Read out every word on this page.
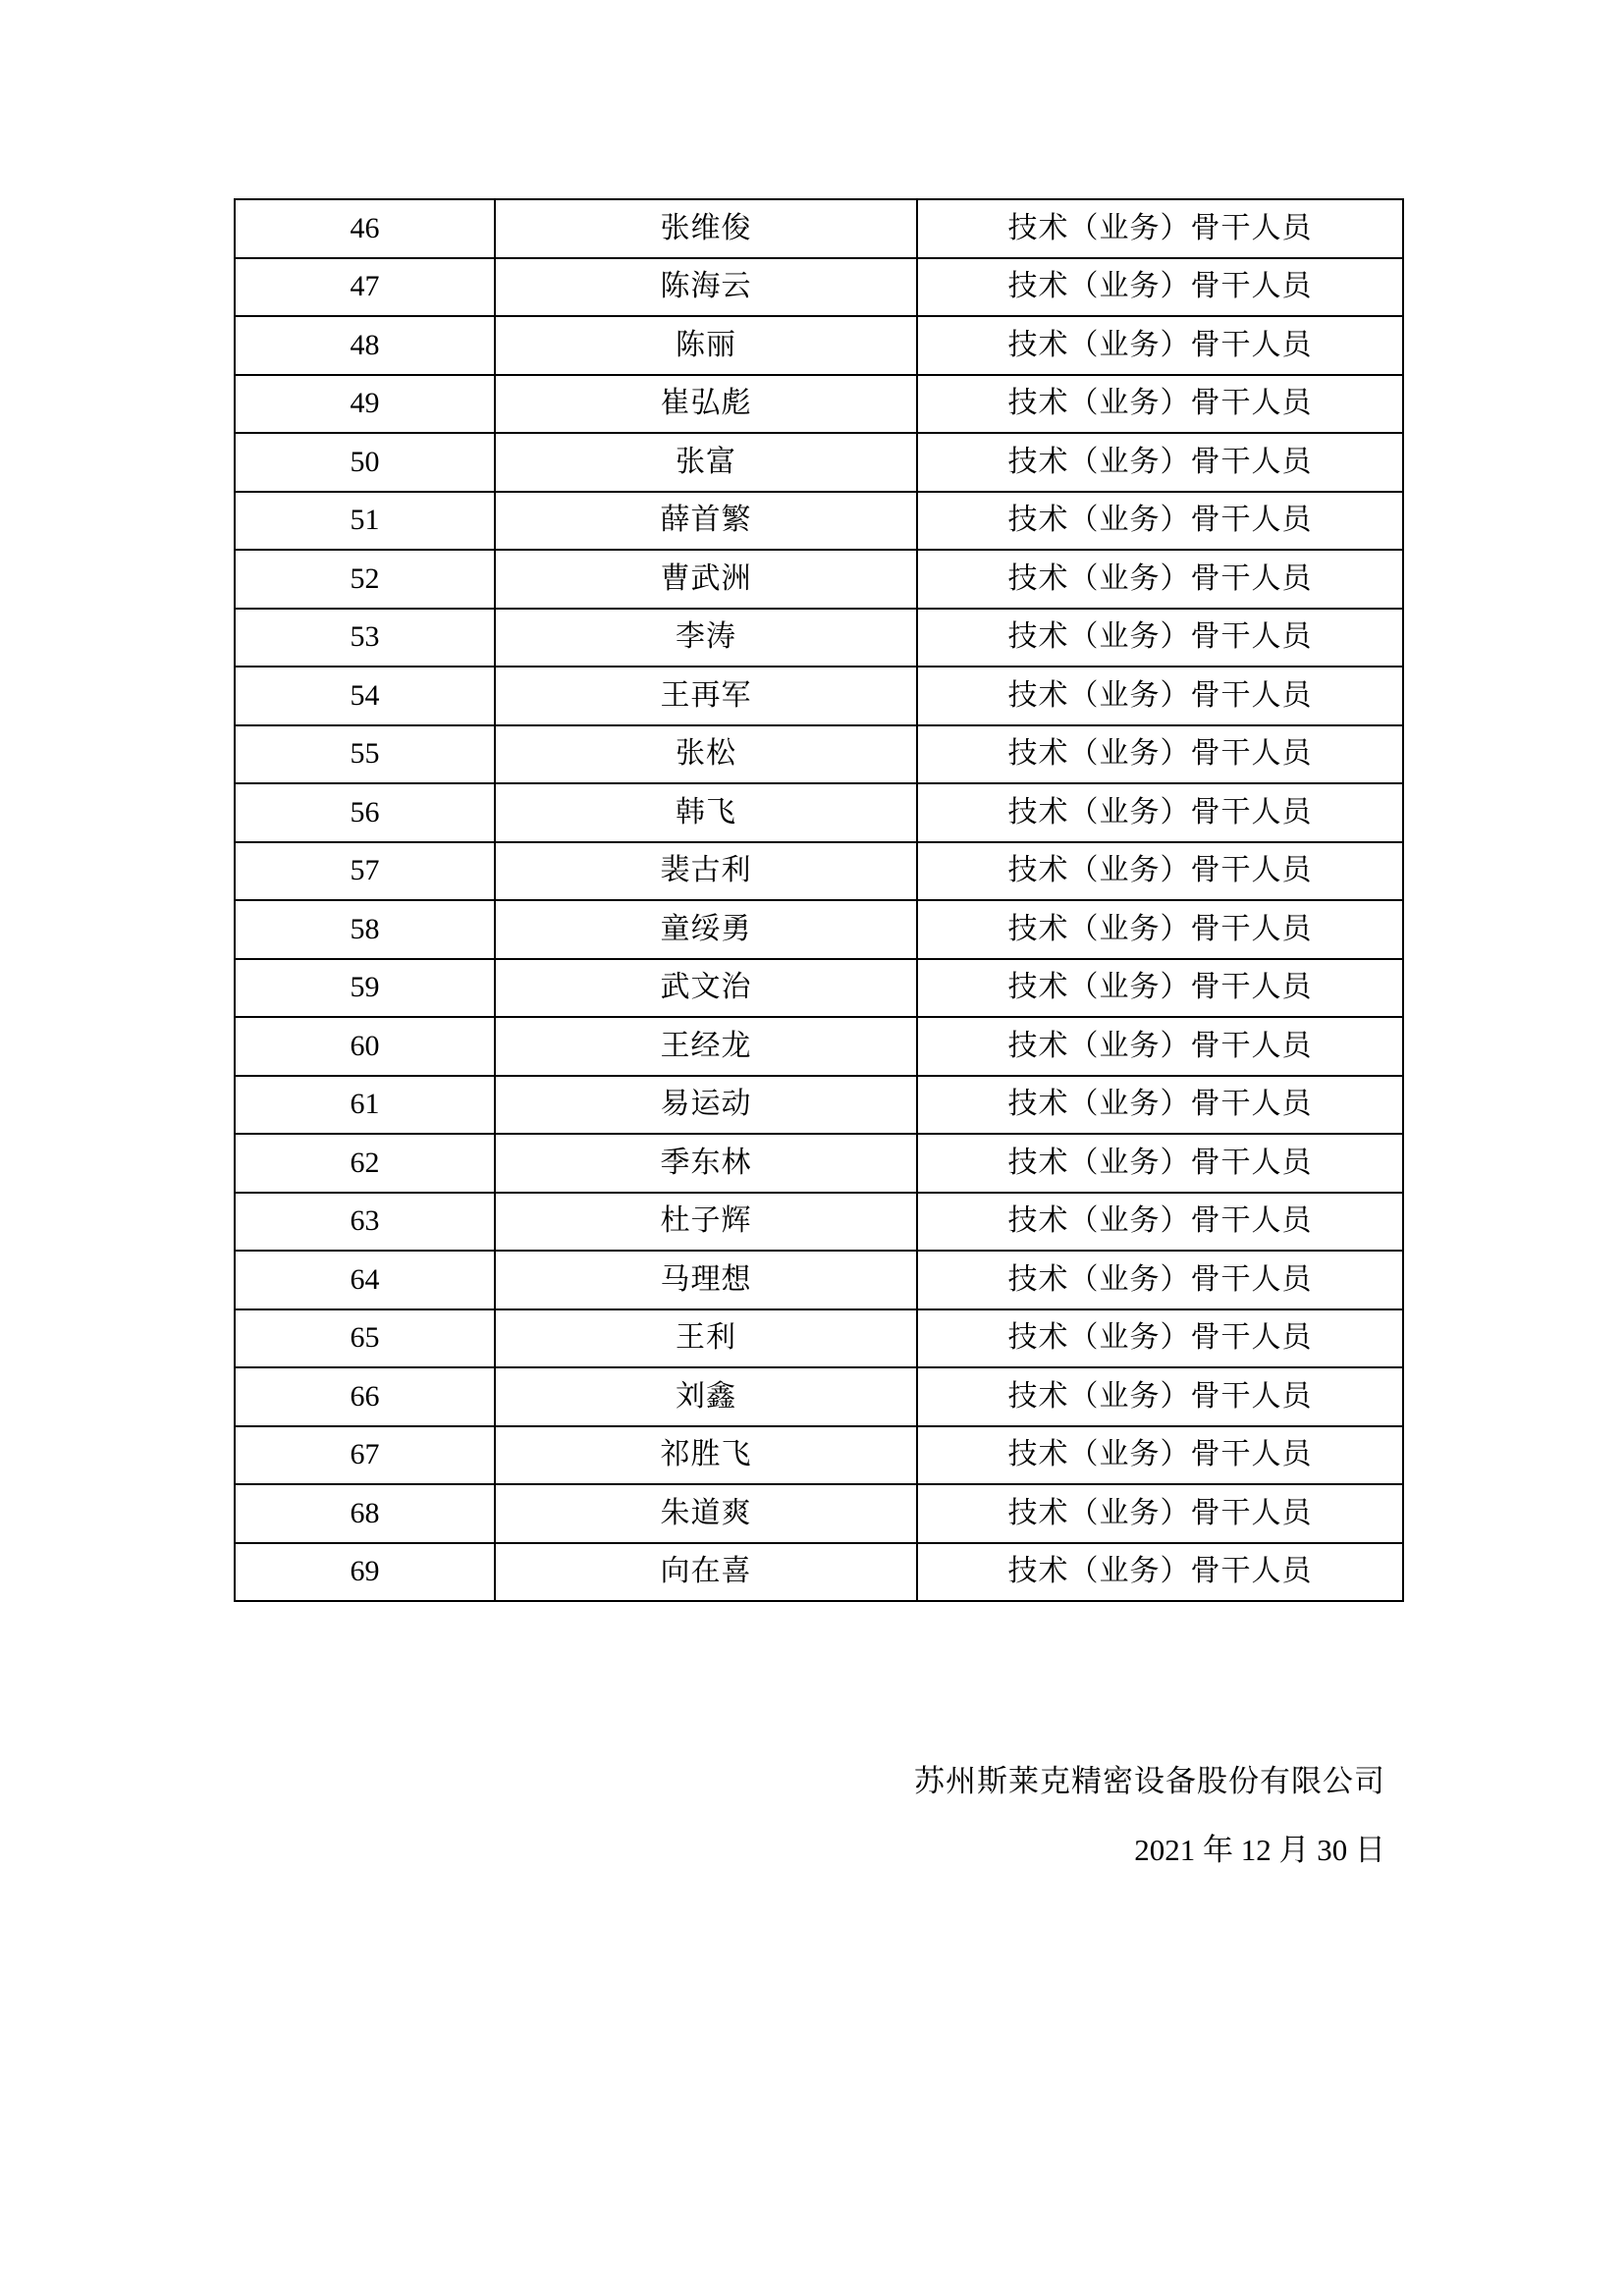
46	张维俊	技术（业务）骨干人员
47	陈海云	技术（业务）骨干人员
48	陈丽	技术（业务）骨干人员
49	崔弘彪	技术（业务）骨干人员
50	张富	技术（业务）骨干人员
51	薛首繁	技术（业务）骨干人员
52	曹武洲	技术（业务）骨干人员
53	李涛	技术（业务）骨干人员
54	王再军	技术（业务）骨干人员
55	张松	技术（业务）骨干人员
56	韩飞	技术（业务）骨干人员
57	裴古利	技术（业务）骨干人员
58	童绥勇	技术（业务）骨干人员
59	武文治	技术（业务）骨干人员
60	王经龙	技术（业务）骨干人员
61	易运动	技术（业务）骨干人员
62	季东林	技术（业务）骨干人员
63	杜子辉	技术（业务）骨干人员
64	马理想	技术（业务）骨干人员
65	王利	技术（业务）骨干人员
66	刘鑫	技术（业务）骨干人员
67	祁胜飞	技术（业务）骨干人员
68	朱道爽	技术（业务）骨干人员
69	向在喜	技术（业务）骨干人员
苏州斯莱克精密设备股份有限公司
2021 年 12 月 30 日
